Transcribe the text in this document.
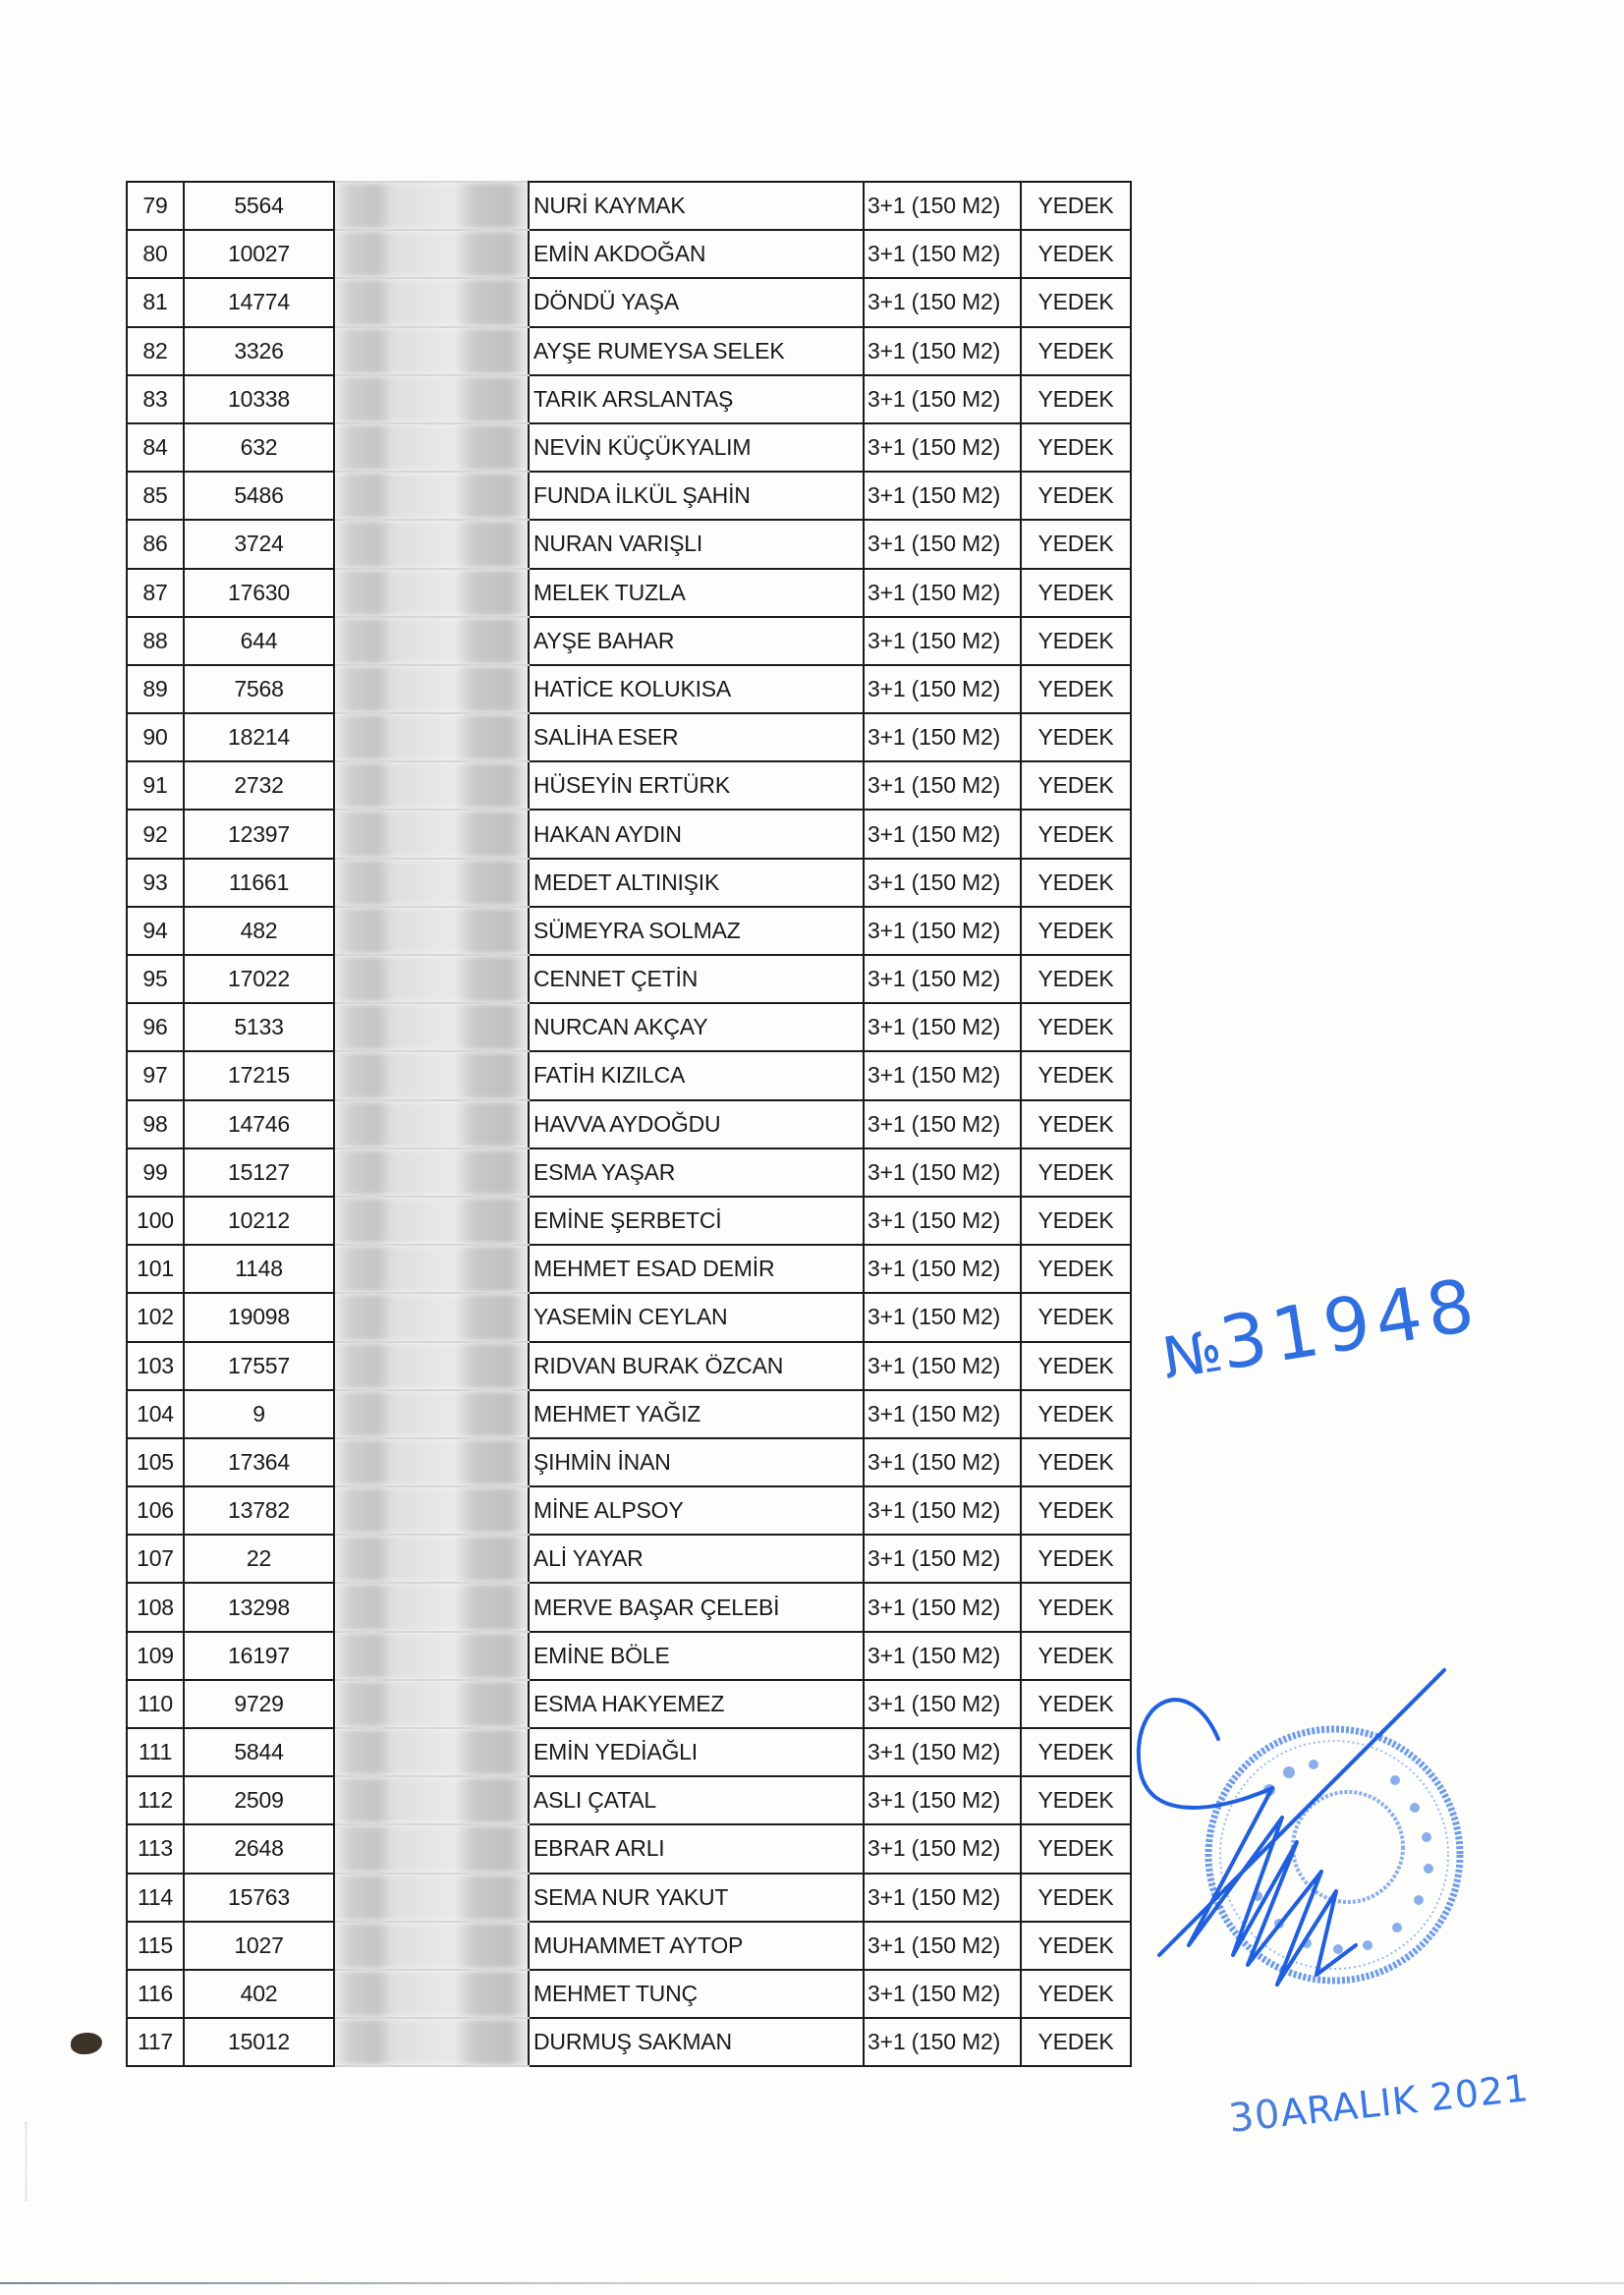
79	5564		NURİ KAYMAK	3+1 (150 M2)	YEDEK
80	10027		EMİN AKDOĞAN	3+1 (150 M2)	YEDEK
81	14774		DÖNDÜ YAŞA	3+1 (150 M2)	YEDEK
82	3326		AYŞE RUMEYSA SELEK	3+1 (150 M2)	YEDEK
83	10338		TARIK ARSLANTAŞ	3+1 (150 M2)	YEDEK
84	632		NEVİN KÜÇÜKYALIM	3+1 (150 M2)	YEDEK
85	5486		FUNDA İLKÜL ŞAHİN	3+1 (150 M2)	YEDEK
86	3724		NURAN VARIŞLI	3+1 (150 M2)	YEDEK
87	17630		MELEK TUZLA	3+1 (150 M2)	YEDEK
88	644		AYŞE BAHAR	3+1 (150 M2)	YEDEK
89	7568		HATİCE KOLUKISA	3+1 (150 M2)	YEDEK
90	18214		SALİHA ESER	3+1 (150 M2)	YEDEK
91	2732		HÜSEYİN ERTÜRK	3+1 (150 M2)	YEDEK
92	12397		HAKAN AYDIN	3+1 (150 M2)	YEDEK
93	11661		MEDET ALTINIŞIK	3+1 (150 M2)	YEDEK
94	482		SÜMEYRA SOLMAZ	3+1 (150 M2)	YEDEK
95	17022		CENNET ÇETİN	3+1 (150 M2)	YEDEK
96	5133		NURCAN AKÇAY	3+1 (150 M2)	YEDEK
97	17215		FATİH KIZILCA	3+1 (150 M2)	YEDEK
98	14746		HAVVA AYDOĞDU	3+1 (150 M2)	YEDEK
99	15127		ESMA YAŞAR	3+1 (150 M2)	YEDEK
100	10212		EMİNE ŞERBETCİ	3+1 (150 M2)	YEDEK
101	1148		MEHMET ESAD DEMİR	3+1 (150 M2)	YEDEK
102	19098		YASEMİN CEYLAN	3+1 (150 M2)	YEDEK
103	17557		RIDVAN BURAK ÖZCAN	3+1 (150 M2)	YEDEK
104	9		MEHMET YAĞIZ	3+1 (150 M2)	YEDEK
105	17364		ŞIHMİN İNAN	3+1 (150 M2)	YEDEK
106	13782		MİNE ALPSOY	3+1 (150 M2)	YEDEK
107	22		ALİ YAYAR	3+1 (150 M2)	YEDEK
108	13298		MERVE BAŞAR ÇELEBİ	3+1 (150 M2)	YEDEK
109	16197		EMİNE BÖLE	3+1 (150 M2)	YEDEK
110	9729		ESMA HAKYEMEZ	3+1 (150 M2)	YEDEK
111	5844		EMİN YEDİAĞLI	3+1 (150 M2)	YEDEK
112	2509		ASLI ÇATAL	3+1 (150 M2)	YEDEK
113	2648		EBRAR ARLI	3+1 (150 M2)	YEDEK
114	15763		SEMA NUR YAKUT	3+1 (150 M2)	YEDEK
115	1027		MUHAMMET AYTOP	3+1 (150 M2)	YEDEK
116	402		MEHMET TUNÇ	3+1 (150 M2)	YEDEK
117	15012		DURMUŞ SAKMAN	3+1 (150 M2)	YEDEK
№31948
30ARALIK 2021
